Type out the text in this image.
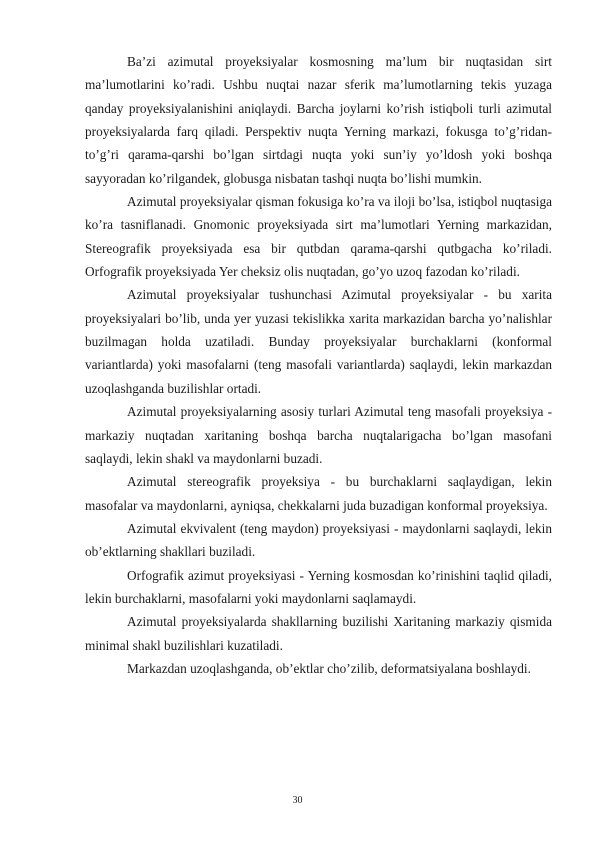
Ba’zi azimutal proyeksiyalar kosmosning ma’lum bir nuqtasidan sirt ma’lumotlarini ko’radi. Ushbu nuqtai nazar sferik ma’lumotlarning tekis yuzaga qanday proyeksiyalanishini aniqlaydi. Barcha joylarni ko’rish istiqboli turli azimutal proyeksiyalarda farq qiladi. Perspektiv nuqta Yerning markazi, fokusga to’g’ridan-to’g’ri qarama-qarshi bo’lgan sirtdagi nuqta yoki sun’iy yo’ldosh yoki boshqa sayyoradan ko’rilgandek, globusga nisbatan tashqi nuqta bo’lishi mumkin.

Azimutal proyeksiyalar qisman fokusiga ko’ra va iloji bo’lsa, istiqbol nuqtasiga ko’ra tasniflanadi. Gnomonic proyeksiyada sirt ma’lumotlari Yerning markazidan, Stereografik proyeksiyada esa bir qutbdan qarama-qarshi qutbgacha ko’riladi. Orfografik proyeksiyada Yer cheksiz olis nuqtadan, go’yo uzoq fazodan ko’riladi.

Azimutal proyeksiyalar tushunchasi Azimutal proyeksiyalar - bu xarita proyeksiyalari bo’lib, unda yer yuzasi tekislikka xarita markazidan barcha yo’nalishlar buzilmagan holda uzatiladi. Bunday proyeksiyalar burchaklarni (konformal variantlarda) yoki masofalarni (teng masofali variantlarda) saqlaydi, lekin markazdan uzoqlashganda buzilishlar ortadi.

Azimutal proyeksiyalarning asosiy turlari Azimutal teng masofali proyeksiya - markaziy nuqtadan xaritaning boshqa barcha nuqtalarigacha bo’lgan masofani saqlaydi, lekin shakl va maydonlarni buzadi.

Azimutal stereografik proyeksiya - bu burchaklarni saqlaydigan, lekin masofalar va maydonlarni, ayniqsa, chekkalarni juda buzadigan konformal proyeksiya.

Azimutal ekvivalent (teng maydon) proyeksiyasi - maydonlarni saqlaydi, lekin ob’ektlarning shakllari buziladi.

Orfografik azimut proyeksiyasi - Yerning kosmosdan ko’rinishini taqlid qiladi, lekin burchaklarni, masofalarni yoki maydonlarni saqlamaydi.

Azimutal proyeksiyalarda shakllarning buzilishi Xaritaning markaziy qismida minimal shakl buzilishlari kuzatiladi.

Markazdan uzoqlashganda, ob’ektlar cho’zilib, deformatsiyalana boshlaydi.

30
